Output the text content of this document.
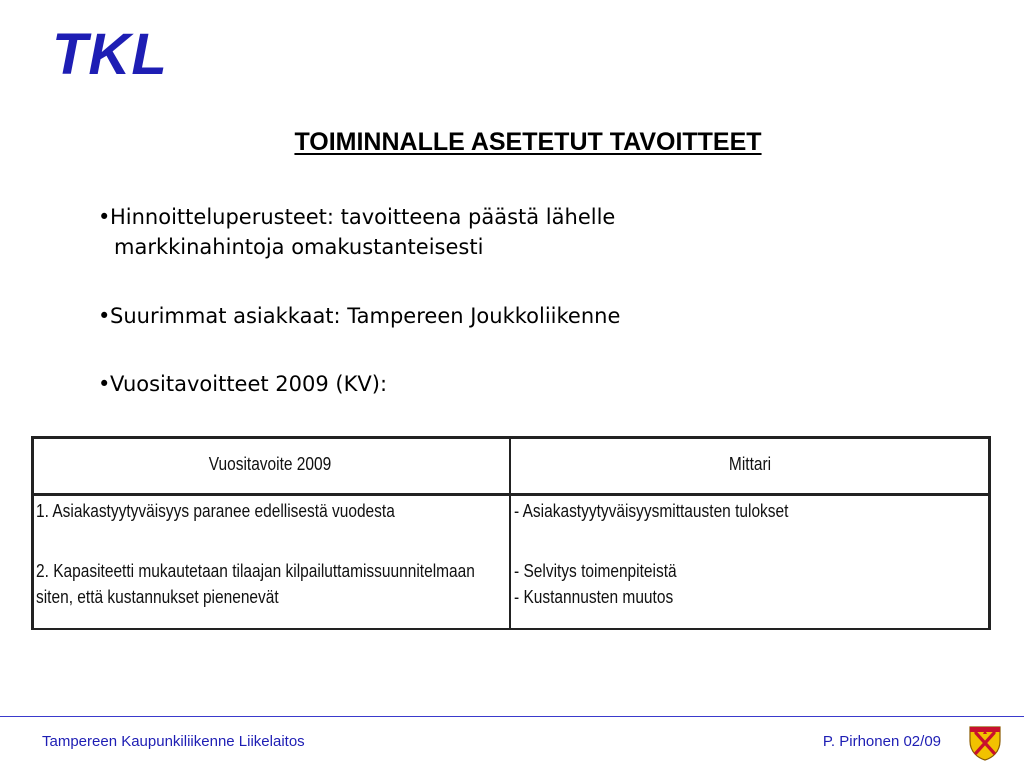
TKL
TOIMINNALLE ASETETUT TAVOITTEET
•Hinnoitteluperusteet: tavoitteena päästä lähelle
markkinahintoja omakustanteisesti
•Suurimmat asiakkaat: Tampereen Joukkoliikenne
•Vuositavoitteet 2009 (KV):
Vuositavoite 2009	Mittari
1. Asiakastyytyväisyys paranee edellisestä vuodesta
2. Kapasiteetti mukautetaan tilaajan kilpailuttamissuunnitelmaan
siten, että kustannukset pienenevät
- Asiakastyytyväisyysmittausten tulokset
- Selvitys toimenpiteistä
- Kustannusten muutos
Tampereen Kaupunkiliikenne Liikelaitos	P. Pirhonen 02/09
